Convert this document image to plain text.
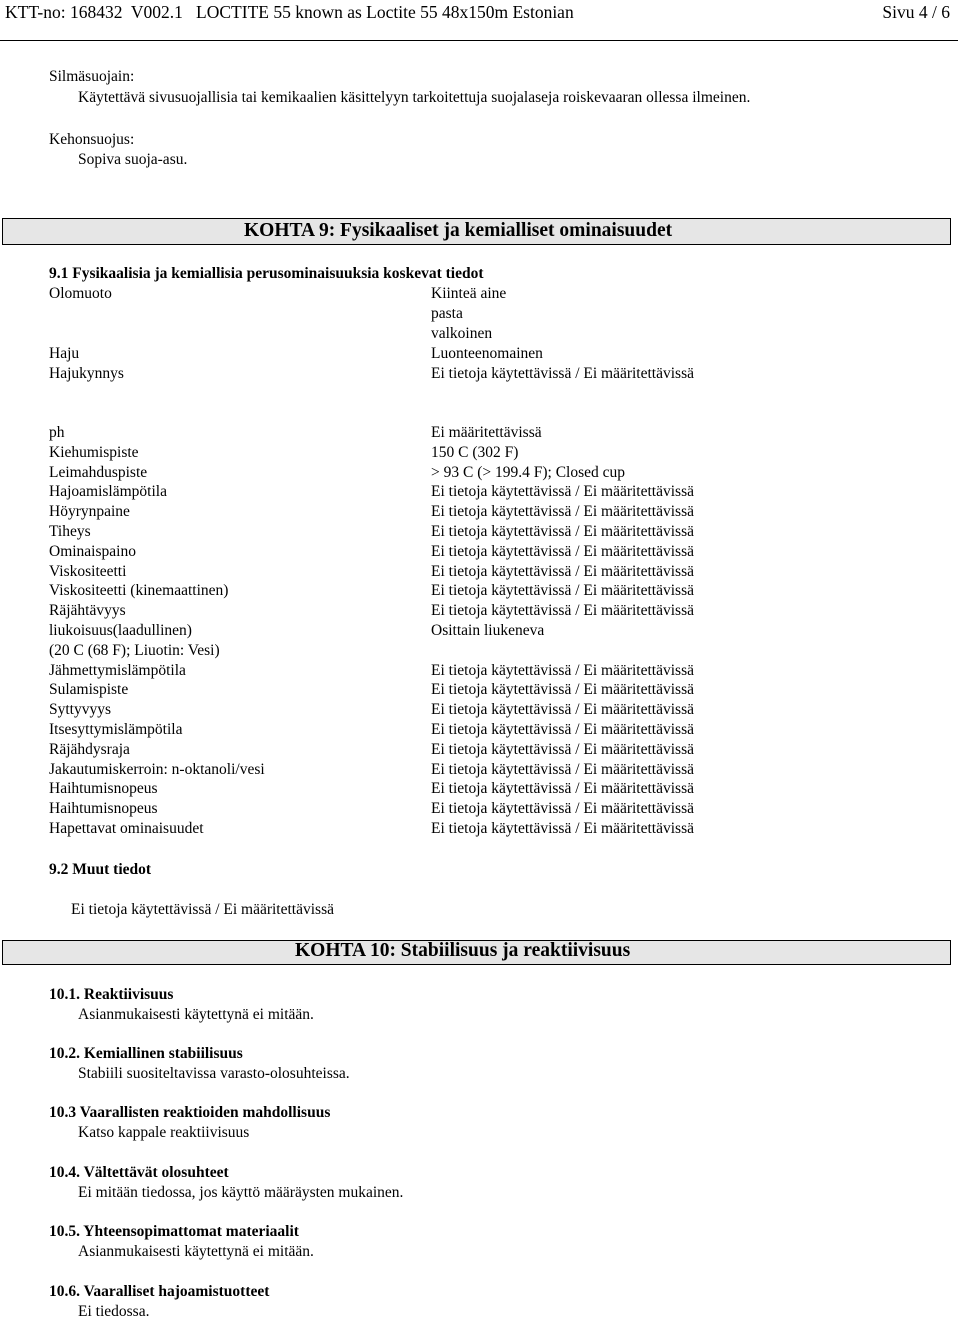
KTT-no: 168432  V002.1   LOCTITE 55 known as Loctite 55 48x150m Estonian	Sivu 4 / 6
Silmäsuojain:
Käytettävä sivusuojallisia tai kemikaalien käsittelyyn tarkoitettuja suojalaseja roiskevaaran ollessa ilmeinen.
Kehonsuojus:
Sopiva suoja-asu.
KOHTA 9: Fysikaaliset ja kemialliset ominaisuudet
9.1 Fysikaalisia ja kemiallisia perusominaisuuksia koskevat tiedot
Olomuoto	Kiinteä aine
pasta
valkoinen
Haju	Luonteenomainen
Hajukynnys	Ei tietoja käytettävissä / Ei määritettävissä
ph	Ei määritettävissä
Kiehumispiste	150 C (302 F)
Leimahduspiste	> 93 C (> 199.4 F); Closed cup
Hajoamislämpötila	Ei tietoja käytettävissä / Ei määritettävissä
Höyrynpaine	Ei tietoja käytettävissä / Ei määritettävissä
Tiheys	Ei tietoja käytettävissä / Ei määritettävissä
Ominaispaino	Ei tietoja käytettävissä / Ei määritettävissä
Viskositeetti	Ei tietoja käytettävissä / Ei määritettävissä
Viskositeetti (kinemaattinen)	Ei tietoja käytettävissä / Ei määritettävissä
Räjähtävyys	Ei tietoja käytettävissä / Ei määritettävissä
liukoisuus(laadullinen)	Osittain liukeneva
(20 C (68 F); Liuotin: Vesi)
Jähmettymislämpötila	Ei tietoja käytettävissä / Ei määritettävissä
Sulamispiste	Ei tietoja käytettävissä / Ei määritettävissä
Syttyvyys	Ei tietoja käytettävissä / Ei määritettävissä
Itsesyttymislämpötila	Ei tietoja käytettävissä / Ei määritettävissä
Räjähdysraja	Ei tietoja käytettävissä / Ei määritettävissä
Jakautumiskerroin: n-oktanoli/vesi	Ei tietoja käytettävissä / Ei määritettävissä
Haihtumisnopeus	Ei tietoja käytettävissä / Ei määritettävissä
Haihtumisnopeus	Ei tietoja käytettävissä / Ei määritettävissä
Hapettavat ominaisuudet	Ei tietoja käytettävissä / Ei määritettävissä
9.2 Muut tiedot
Ei tietoja käytettävissä / Ei määritettävissä
KOHTA 10: Stabiilisuus ja reaktiivisuus
10.1. Reaktiivisuus
Asianmukaisesti käytettynä ei mitään.
10.2. Kemiallinen stabiilisuus
Stabiili suositeltavissa varasto-olosuhteissa.
10.3 Vaarallisten reaktioiden mahdollisuus
Katso kappale reaktiivisuus
10.4. Vältettävät olosuhteet
Ei mitään tiedossa, jos käyttö määräysten mukainen.
10.5. Yhteensopimattomat materiaalit
Asianmukaisesti käytettynä ei mitään.
10.6. Vaaralliset hajoamistuotteet
Ei tiedossa.
